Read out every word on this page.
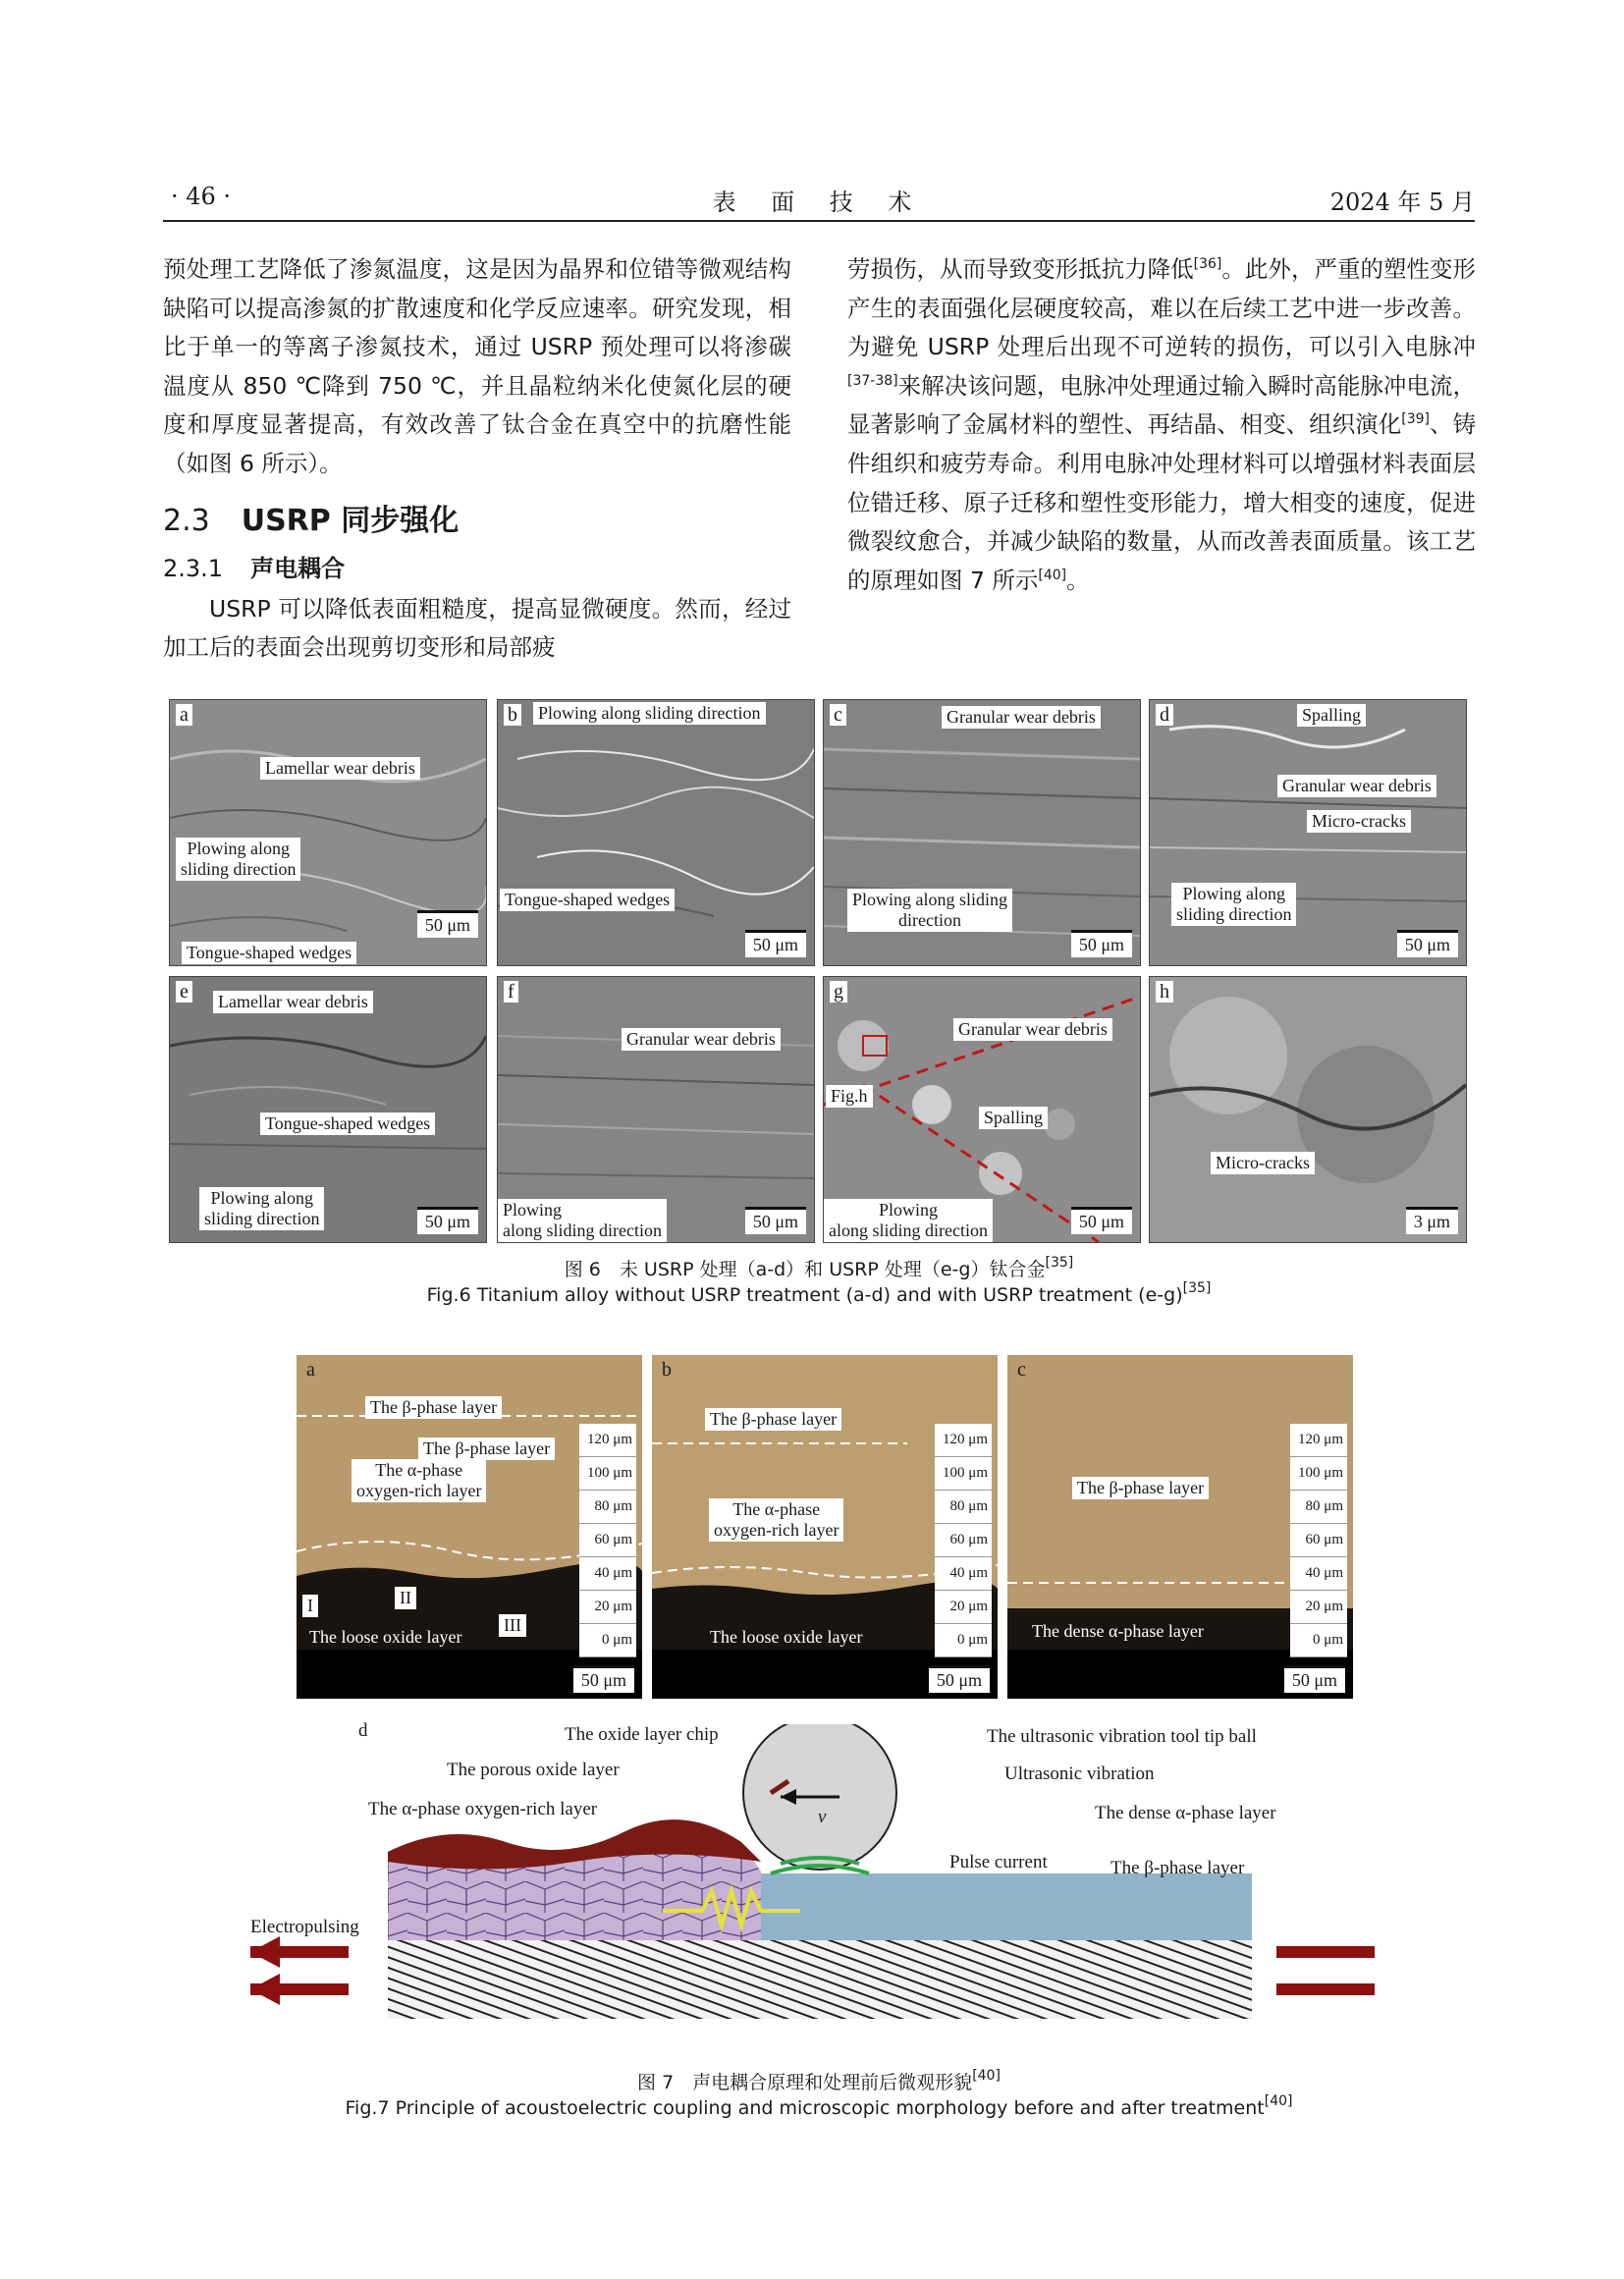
· 46 ·	表 面 技 术	2024 年 5 月

预处理工艺降低了渗氮温度，这是因为晶界和位错等微观结构缺陷可以提高渗氮的扩散速度和化学反应速率。研究发现，相比于单一的等离子渗氮技术，通过 USRP 预处理可以将渗碳温度从 850 ℃降到 750 ℃，并且晶粒纳米化使氮化层的硬度和厚度显著提高，有效改善了钛合金在真空中的抗磨性能（如图 6 所示）。

2.3 USRP 同步强化
2.3.1 声电耦合

USRP 可以降低表面粗糙度，提高显微硬度。然而，经过加工后的表面会出现剪切变形和局部疲

劳损伤，从而导致变形抵抗力降低[36]。此外，严重的塑性变形产生的表面强化层硬度较高，难以在后续工艺中进一步改善。为避免 USRP 处理后出现不可逆转的损伤，可以引入电脉冲[37-38]来解决该问题，电脉冲处理通过输入瞬时高能脉冲电流，显著影响了金属材料的塑性、再结晶、相变、组织演化[39]、铸件组织和疲劳寿命。利用电脉冲处理材料可以增强材料表面层位错迁移、原子迁移和塑性变形能力，增大相变的速度，促进微裂纹愈合，并减少缺陷的数量，从而改善表面质量。该工艺的原理如图 7 所示[40]。

a
Lamellar wear debris
Plowing along
sliding direction
Tongue-shaped wedges
50 μm
b Plowing along sliding direction
Tongue-shaped wedges
50 μm
c	Granular wear debris
Plowing along sliding
direction
50 μm
d	Spalling
Granular wear debris
Micro-cracks
Plowing along
sliding direction
50 μm
e Lamellar wear debris
Tongue-shaped wedges
Plowing along
sliding direction	50 μm
f
Granular wear debris
Plowing
along sliding direction	50 μm
g
Granular wear debris
Fig.h
Spalling
Plowing
along sliding direction	50 μm
h
Micro-cracks
3 μm
图 6　未 USRP 处理（a-d）和 USRP 处理（e-g）钛合金[35]
Fig.6 Titanium alloy without USRP treatment (a-d) and with USRP treatment (e-g)[35]
a
The β-phase layer
The β-phase layer
The α-phase
oxygen-rich layer
The loose oxide layer
I	II
III
120 μm
100 μm
80 μm
60 μm
40 μm
20 μm
0 μm
50 μm
b
The β-phase layer
The α-phase
oxygen-rich layer
The loose oxide layer
120 μm
100 μm
80 μm
60 μm
40 μm
20 μm
0 μm
50 μm
c
The β-phase layer
The dense α-phase layer
120 μm
100 μm
80 μm
60 μm
40 μm
20 μm
0 μm
50 μm
d	The oxide layer chip	The ultrasonic vibration tool tip ball
The porous oxide layer	Ultrasonic vibration
The α-phase oxygen-rich layer	The dense α-phase layer
Pulse current	The β-phase layer
Electropulsing
v
图 7　声电耦合原理和处理前后微观形貌[40]
Fig.7 Principle of acoustoelectric coupling and microscopic morphology before and after treatment[40]
